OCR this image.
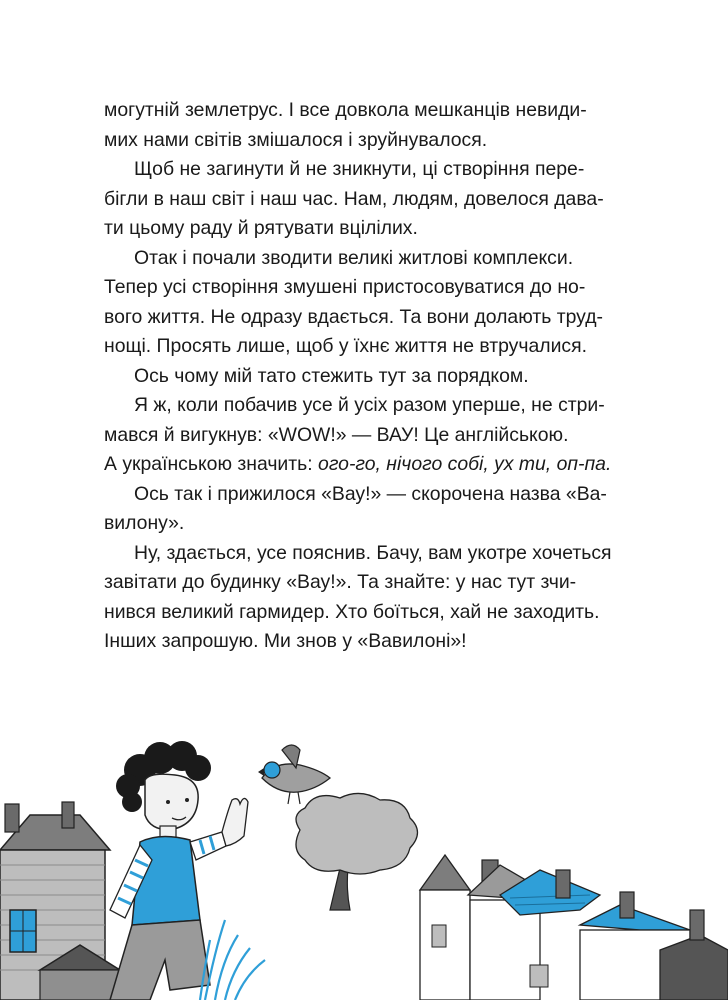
могутній землетрус. І все довкола мешканців невиди-
мих нами світів змішалося і зруйнувалося.

Щоб не загинути й не зникнути, ці створіння пере-
бігли в наш світ і наш час. Нам, людям, довелося дава-
ти цьому раду й рятувати вцілілих.

Отак і почали зводити великі житлові комплекси.
Тепер усі створіння змушені пристосовуватися до но-
вого життя. Не одразу вдається. Та вони долають труд-
нощі. Просять лише, щоб у їхнє життя не втручалися.

Ось чому мій тато стежить тут за порядком.

Я ж, коли побачив усе й усіх разом уперше, не стри-
мався й вигукнув: «WOW!» — ВАУ! Це англійською.
А українською значить: ого-го, нічого собі, ух ти, оп-па.

Ось так і прижилося «Вау!» — скорочена назва «Ва-
вилону».

Ну, здається, усе пояснив. Бачу, вам укотре хочеться
завітати до будинку «Вау!». Та знайте: у нас тут зчи-
нився великий гармидер. Хто боїться, хай не заходить.
Інших запрошую. Ми знов у «Вавилоні»!
